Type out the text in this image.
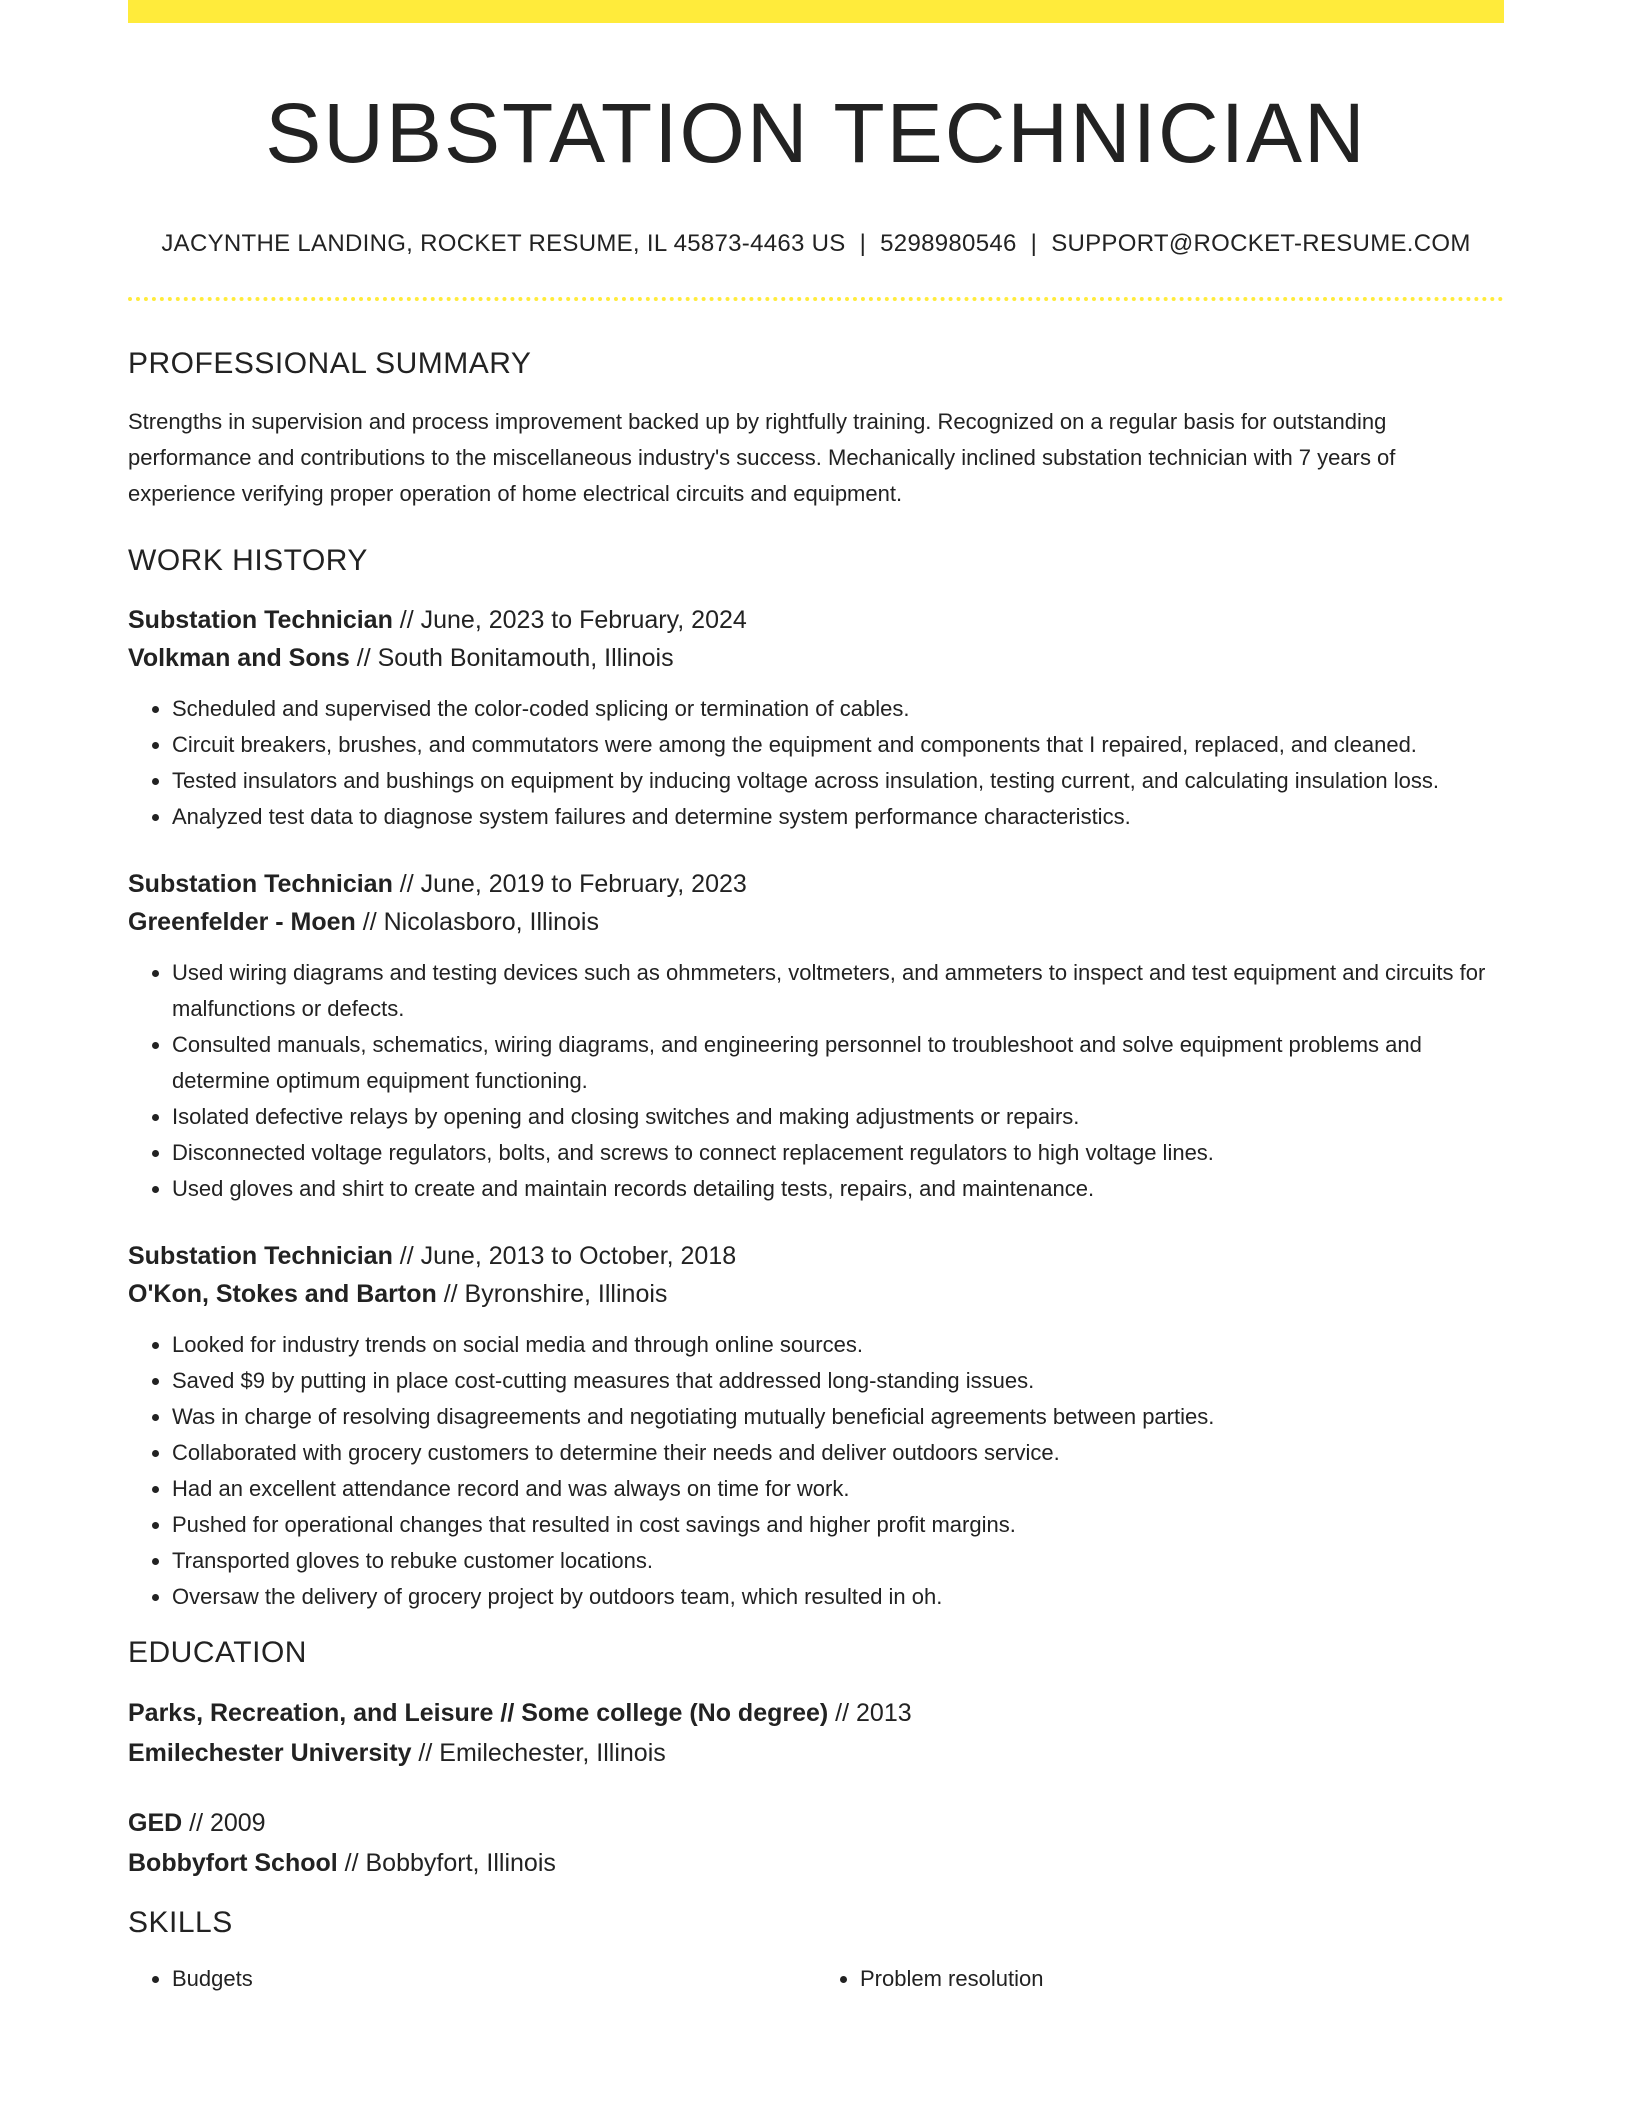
SUBSTATION TECHNICIAN
JACYNTHE LANDING, ROCKET RESUME, IL 45873-4463 US | 5298980546 | SUPPORT@ROCKET-RESUME.COM
PROFESSIONAL SUMMARY

Strengths in supervision and process improvement backed up by rightfully training. Recognized on a regular basis for outstanding performance and contributions to the miscellaneous industry's success. Mechanically inclined substation technician with 7 years of experience verifying proper operation of home electrical circuits and equipment.

WORK HISTORY
Substation Technician // June, 2023 to February, 2024
Volkman and Sons // South Bonitamouth, Illinois
• Scheduled and supervised the color-coded splicing or termination of cables.
• Circuit breakers, brushes, and commutators were among the equipment and components that I repaired, replaced, and cleaned.
• Tested insulators and bushings on equipment by inducing voltage across insulation, testing current, and calculating insulation loss.
• Analyzed test data to diagnose system failures and determine system performance characteristics.
Substation Technician // June, 2019 to February, 2023
Greenfelder - Moen // Nicolasboro, Illinois
• Used wiring diagrams and testing devices such as ohmmeters, voltmeters, and ammeters to inspect and test equipment and circuits for malfunctions or defects.
• Consulted manuals, schematics, wiring diagrams, and engineering personnel to troubleshoot and solve equipment problems and determine optimum equipment functioning.
• Isolated defective relays by opening and closing switches and making adjustments or repairs.
• Disconnected voltage regulators, bolts, and screws to connect replacement regulators to high voltage lines.
• Used gloves and shirt to create and maintain records detailing tests, repairs, and maintenance.
Substation Technician // June, 2013 to October, 2018
O'Kon, Stokes and Barton // Byronshire, Illinois
• Looked for industry trends on social media and through online sources.
• Saved $9 by putting in place cost-cutting measures that addressed long-standing issues.
• Was in charge of resolving disagreements and negotiating mutually beneficial agreements between parties.
• Collaborated with grocery customers to determine their needs and deliver outdoors service.
• Had an excellent attendance record and was always on time for work.
• Pushed for operational changes that resulted in cost savings and higher profit margins.
• Transported gloves to rebuke customer locations.
• Oversaw the delivery of grocery project by outdoors team, which resulted in oh.
EDUCATION
Parks, Recreation, and Leisure // Some college (No degree) // 2013
Emilechester University // Emilechester, Illinois
GED // 2009
Bobbyfort School // Bobbyfort, Illinois
SKILLS
• Budgets
•	Problem resolution
